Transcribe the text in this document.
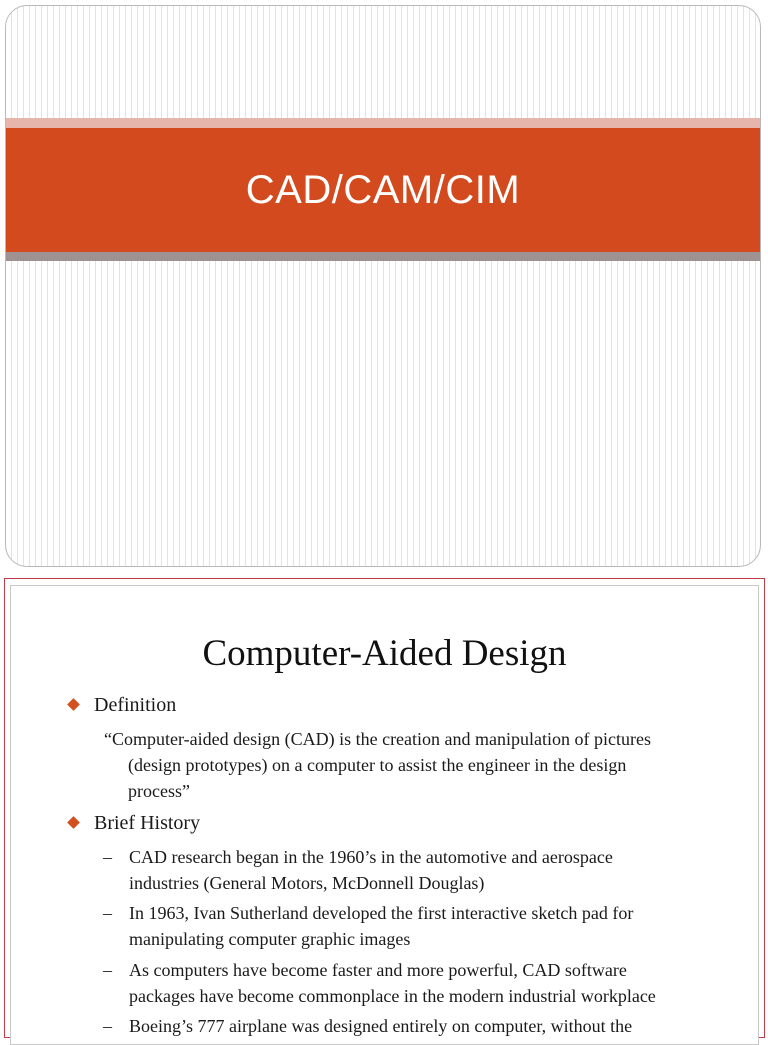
CAD/CAM/CIM
Computer-Aided Design
Definition
“Computer-aided design (CAD) is the creation and manipulation of pictures
(design prototypes) on a computer to assist the engineer in the design
process”
Brief History
– CAD research began in the 1960’s in the automotive and aerospace
industries (General Motors, McDonnell Douglas)
– In 1963, Ivan Sutherland developed the first interactive sketch pad for
manipulating computer graphic images
– As computers have become faster and more powerful, CAD software
packages have become commonplace in the modern industrial workplace
– Boeing’s 777 airplane was designed entirely on computer, without the
